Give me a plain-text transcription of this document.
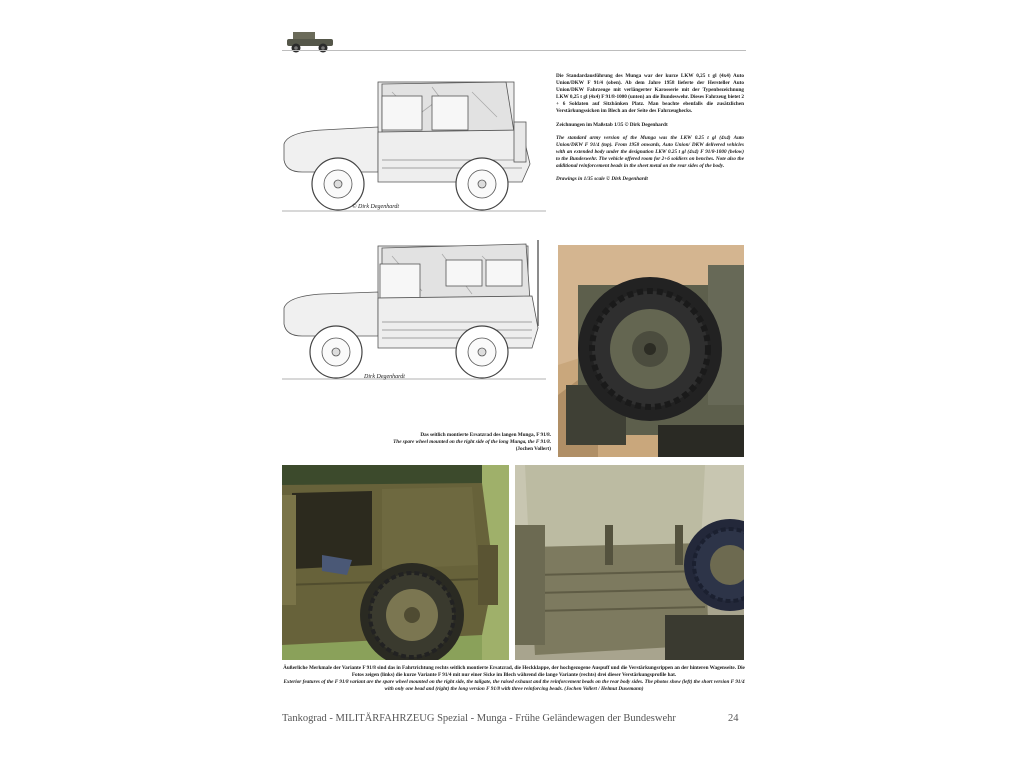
© Dirk Degenhardt
Dirk Degenhardt

Die Standardausführung des Munga war der kurze LKW 0,25 t gl (4x4) Auto Union/DKW F 91/4 (oben). Ab dem Jahre 1958 lieferte der Hersteller Auto Union/DKW Fahrzeuge mit verlängerter Karosserie mit der Typenbezeichnung LKW 0,25 t gl (4x4) F 91/8-1000 (unten) an die Bundeswehr. Dieses Fahrzeug bietet 2 + 6 Soldaten auf Sitzbänken Platz. Man beachte ebenfalls die zusätzlichen Verstärkungssicken im Blech an der Seite des Fahrzeughecks.

Zeichnungen im Maßstab 1/35 © Dirk Degenhardt

The standard army version of the Munga was the LKW 0.25 t gl (4x4) Auto Union/DKW F 91/4 (top). From 1958 onwards, Auto Union/ DKW delivered vehicles with an extended body under the designation LKW 0.25 t gl (4x4) F 91/8-1000 (below) to the Bundeswehr. The vehicle offered room for 2+6 soldiers on benches. Note also the additional reinforcement beads in the sheet metal on the rear sides of the body.

Drawings in 1/35 scale © Dirk Degenhardt

Das seitlich montierte Ersatzrad des langen Munga, F 91/8.
The spare wheel mounted on the right side of the long Munga, the F 91/8.
(Jochen Vollert)
Äußerliche Merkmale der Variante F 91/8 sind das in Fahrtrichtung rechts seitlich montierte Ersatzrad, die Heckklappe, der hochgezogene Auspuff und die Verstärkungsrippen an der hinteren Wagenseite. Die Fotos zeigen (links) die kurze Variante F 91/4 mit nur einer Sicke im Blech während die lange Variante (rechts) drei dieser Verstärkungsprofile hat.
Exterior features of the F 91/8 variant are the spare wheel mounted on the right side, the tailgate, the raised exhaust and the reinforcement beads on the rear body sides. The photos show (left) the short version F 91/4 with only one bead and (right) the long version F 91/8 with three reinforcing beads. (Jochen Vollert / Helmut Dusemann)
Tankograd - MILITÄRFAHRZEUG Spezial - Munga - Frühe Geländewagen der Bundeswehr	24
